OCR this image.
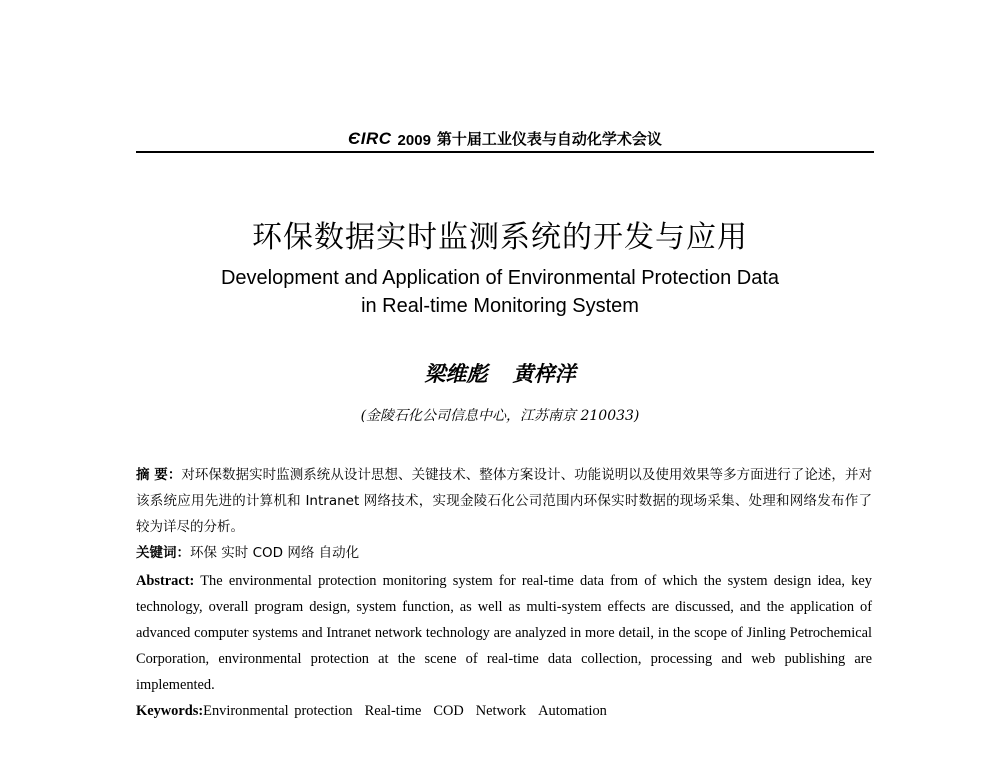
ЄIRC 2009 第十届工业仪表与自动化学术会议
环保数据实时监测系统的开发与应用
Development and Application of Environmental Protection Data
in Real-time Monitoring System
梁维彪 黄梓洋
(金陵石化公司信息中心，江苏南京 210033)

摘 要：对环保数据实时监测系统从设计思想、关键技术、整体方案设计、功能说明以及使用效果等多方面进行了论述，并对该系统应用先进的计算机和 Intranet 网络技术，实现金陵石化公司范围内环保实时数据的现场采集、处理和网络发布作了较为详尽的分析。

关键词：环保 实时 COD 网络 自动化

Abstract: The environmental protection monitoring system for real-time data from of which the system design idea, key technology, overall program design, system function, as well as multi-system effects are discussed, and the application of advanced computer systems and Intranet network technology are analyzed in more detail, in the scope of Jinling Petrochemical Corporation, environmental protection at the scene of real-time data collection, processing and web publishing are implemented.

Keywords:Environmental protection Real-time COD Network Automation
